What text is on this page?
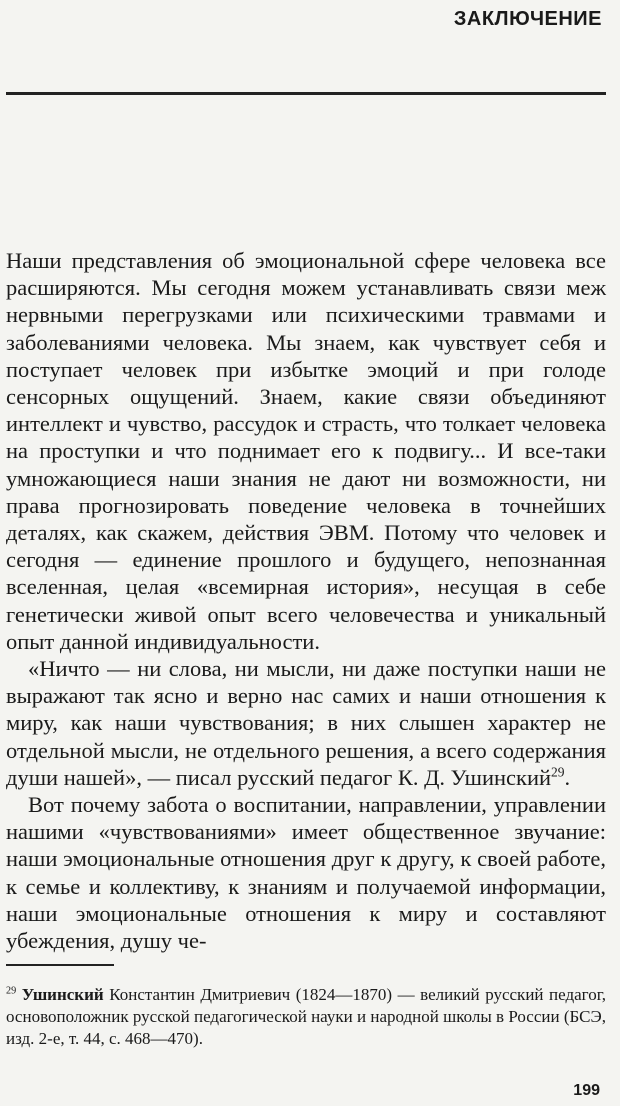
ЗАКЛЮЧЕНИЕ

Наши представления об эмоциональной сфере человека все расширяются. Мы сегодня можем устанавливать связи меж нервными перегрузками или психическими травмами и заболеваниями человека. Мы знаем, как чувствует себя и поступает человек при избытке эмоций и при голоде сенсорных ощущений. Знаем, какие связи объединяют интеллект и чувство, рассудок и страсть, что толкает человека на проступки и что поднимает его к подвигу... И все-таки умножающиеся наши знания не дают ни возможности, ни права прогнозировать поведение человека в точнейших деталях, как скажем, действия ЭВМ. Потому что человек и сегодня — единение прошлого и будущего, непознанная вселенная, целая «всемирная история», несущая в себе генетически живой опыт всего человечества и уникальный опыт данной индивидуальности.

«Ничто — ни слова, ни мысли, ни даже поступки наши не выражают так ясно и верно нас самих и наши отношения к миру, как наши чувствования; в них слышен характер не отдельной мысли, не отдельного решения, а всего содержания души нашей», — писал русский педагог К. Д. Ушинский$^{29}$.

Вот почему забота о воспитании, направлении, управлении нашими «чувствованиями» имеет общественное звучание: наши эмоциональные отношения друг к другу, к своей работе, к семье и коллективу, к знаниям и получаемой информации, наши эмоциональные отношения к миру и составляют убеждения, душу че-

$^{29}$ Ушинский Константин Дмитриевич (1824—1870) — великий русский педагог, основоположник русской педагогической науки и народной школы в России (БСЭ, изд. 2-е, т. 44, с. 468—470).
199
